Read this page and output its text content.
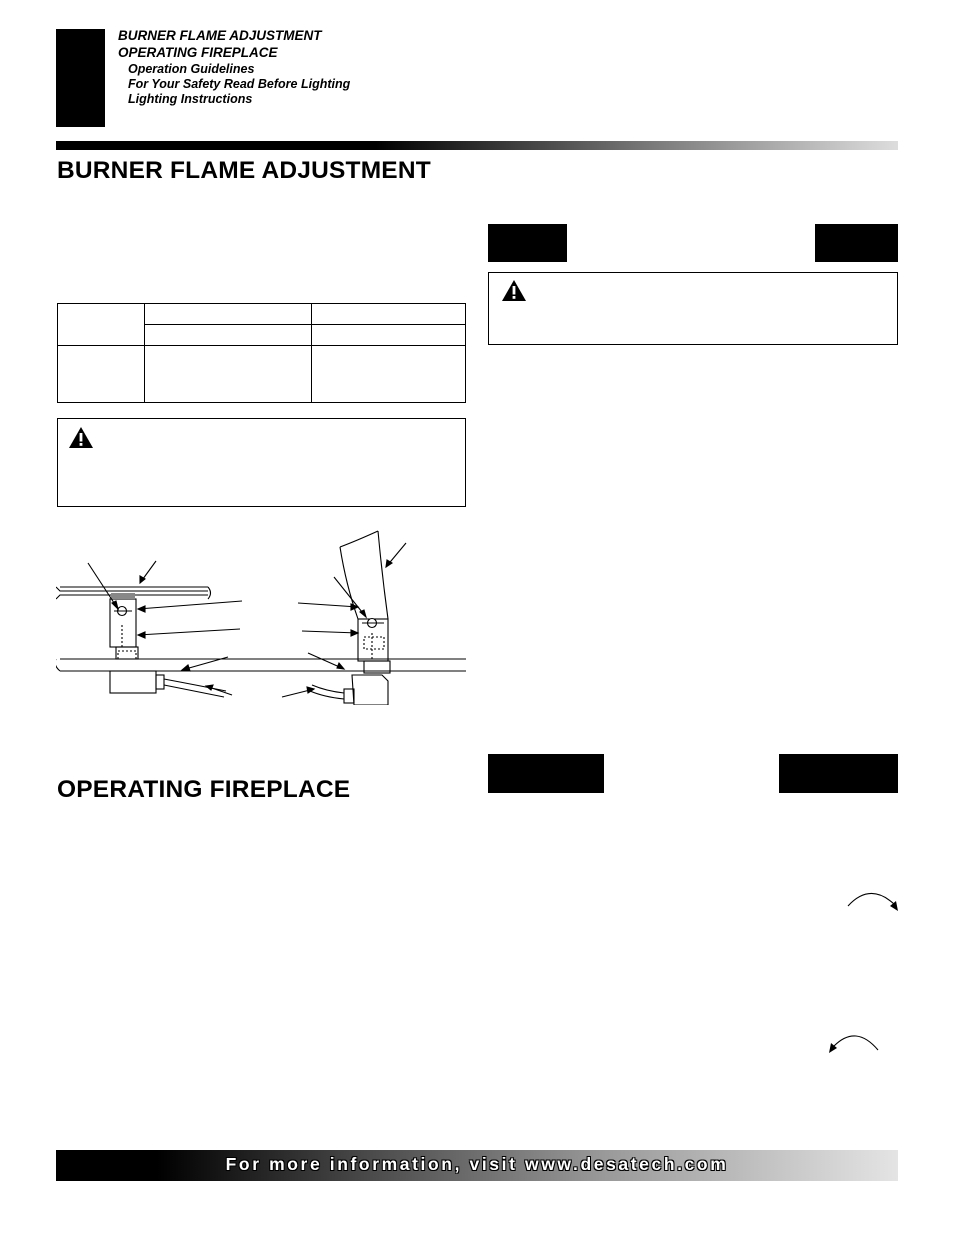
BURNER FLAME ADJUSTMENT
OPERATING FIREPLACE
Operation Guidelines
For Your Safety Read Before Lighting
Lighting Instructions
BURNER FLAME ADJUSTMENT

OPERATING FIREPLACE
For more information, visit www.desatech.com
